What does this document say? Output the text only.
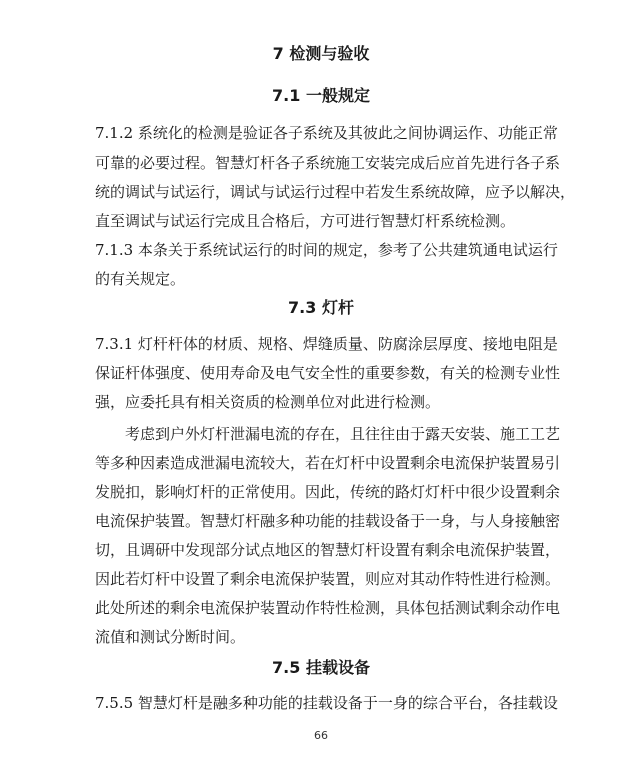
7 检测与验收
7.1 一般规定

7.1.2 系统化的检测是验证各子系统及其彼此之间协调运作、功能正常

可靠的必要过程。智慧灯杆各子系统施工安装完成后应首先进行各子系

统的调试与试运行，调试与试运行过程中若发生系统故障，应予以解决，

直至调试与试运行完成且合格后，方可进行智慧灯杆系统检测。

7.1.3 本条关于系统试运行的时间的规定，参考了公共建筑通电试运行

的有关规定。

7.3 灯杆

7.3.1 灯杆杆体的材质、规格、焊缝质量、防腐涂层厚度、接地电阻是

保证杆体强度、使用寿命及电气安全性的重要参数，有关的检测专业性

强，应委托具有相关资质的检测单位对此进行检测。

考虑到户外灯杆泄漏电流的存在，且往往由于露天安装、施工工艺

等多种因素造成泄漏电流较大，若在灯杆中设置剩余电流保护装置易引

发脱扣，影响灯杆的正常使用。因此，传统的路灯灯杆中很少设置剩余

电流保护装置。智慧灯杆融多种功能的挂载设备于一身，与人身接触密

切，且调研中发现部分试点地区的智慧灯杆设置有剩余电流保护装置，

因此若灯杆中设置了剩余电流保护装置，则应对其动作特性进行检测。

此处所述的剩余电流保护装置动作特性检测，具体包括测试剩余动作电

流值和测试分断时间。

7.5 挂载设备

7.5.5 智慧灯杆是融多种功能的挂载设备于一身的综合平台，各挂载设

66
